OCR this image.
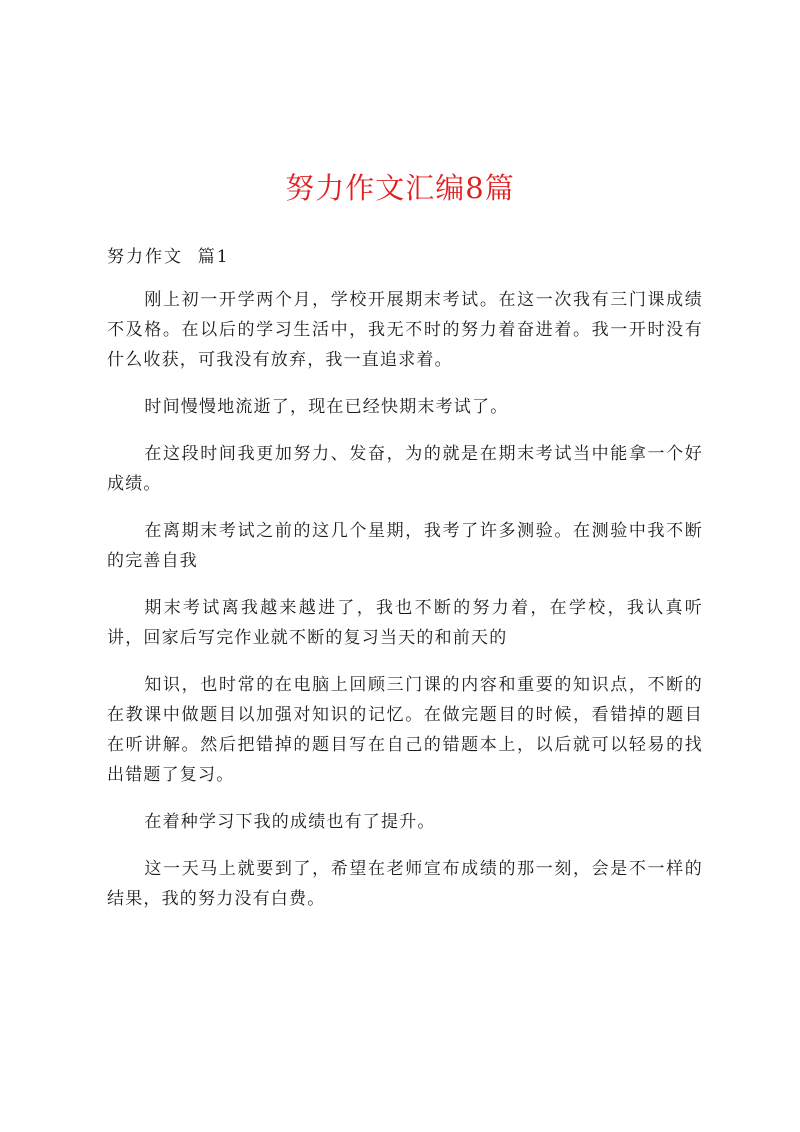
努力作文汇编8篇
努力作文  篇1

刚上初一开学两个月，学校开展期末考试。在这一次我有三门课成绩不及格。在以后的学习生活中，我无不时的努力着奋进着。我一开时没有什么收获，可我没有放弃，我一直追求着。

时间慢慢地流逝了，现在已经快期末考试了。

在这段时间我更加努力、发奋，为的就是在期末考试当中能拿一个好成绩。

在离期末考试之前的这几个星期，我考了许多测验。在测验中我不断的完善自我

期末考试离我越来越进了，我也不断的努力着，在学校，我认真听讲，回家后写完作业就不断的复习当天的和前天的

知识，也时常的在电脑上回顾三门课的内容和重要的知识点，不断的在教课中做题目以加强对知识的记忆。在做完题目的时候，看错掉的题目在听讲解。然后把错掉的题目写在自己的错题本上，以后就可以轻易的找出错题了复习。

在着种学习下我的成绩也有了提升。

这一天马上就要到了，希望在老师宣布成绩的那一刻，会是不一样的结果，我的努力没有白费。
